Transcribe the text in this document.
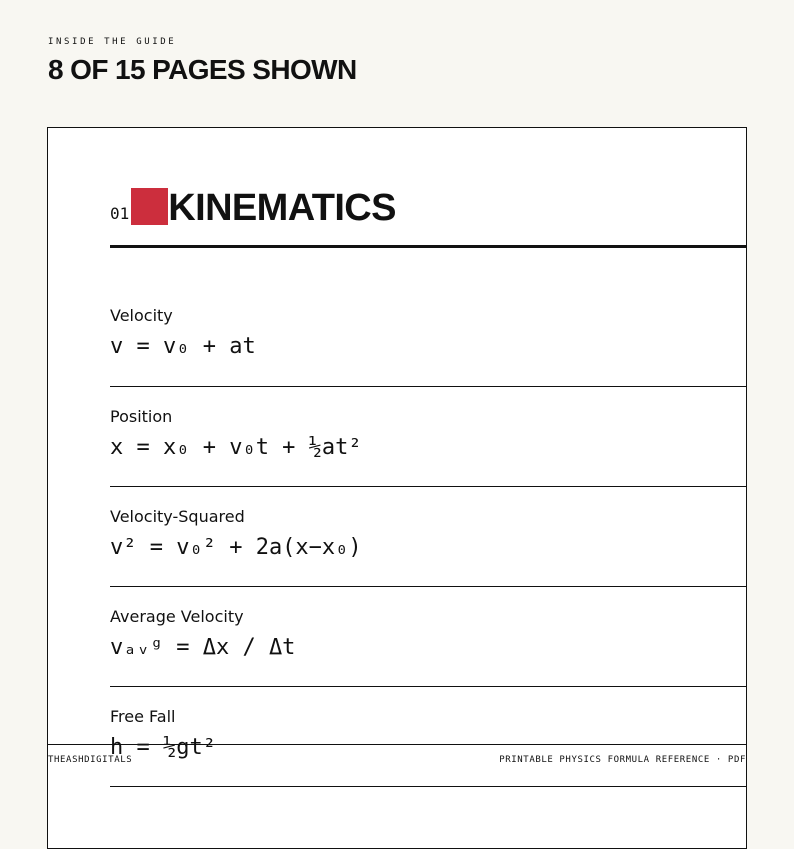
INSIDE THE GUIDE
8 OF 15 PAGES SHOWN
01 KINEMATICS
Velocity
v = v₀ + at
Position
x = x₀ + v₀t + ½at²
Velocity-Squared
v² = v₀² + 2a(x−x₀)
Average Velocity
vₐᵥᵍ = Δx / Δt
Free Fall
h = ½gt²
THEASHDIGITALS	PRINTABLE PHYSICS FORMULA REFERENCE · PDF
